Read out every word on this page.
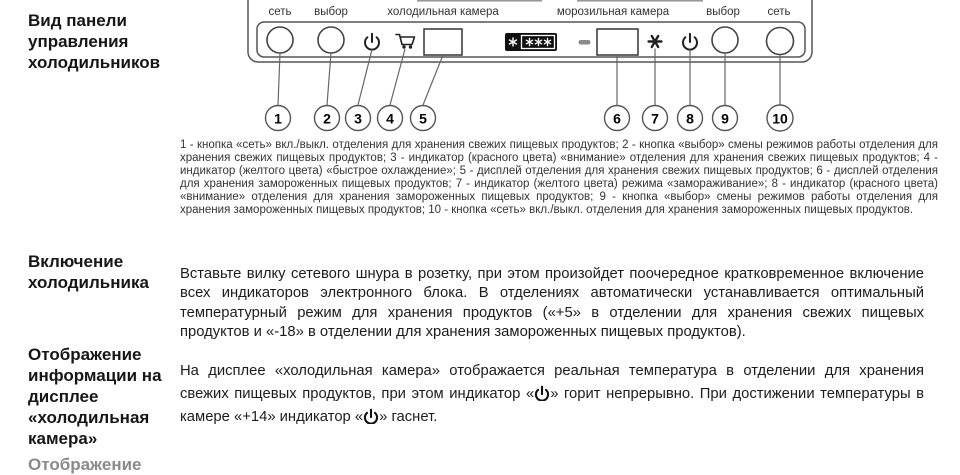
Вид панели управления холодильников
Включение холодильника
Отображение информации на дисплее «холодильная камера»
сеть выбор	холодильная камера	морозильная камера	выбор сеть
1	2 3 4 5	6 7 8 9	10
1 - кнопка «сеть» вкл./выкл. отделения для хранения свежих пищевых продуктов; 2 - кнопка «выбор» смены режимов работы отделения для хранения свежих пищевых продуктов; 3 - индикатор (красного цвета) «внимание» отделения для хранения свежих пищевых продуктов; 4 - индикатор (желтого цвета) «быстрое охлаждение»; 5 - дисплей отделения для хранения свежих пищевых продуктов; 6 - дисплей отделения для хранения замороженных пищевых продуктов; 7 - индикатор (желтого цвета) режима «замораживание»; 8 - индикатор (красного цвета) «внимание» отделения для хранения замороженных пищевых продуктов; 9 - кнопка «выбор» смены режимов работы отделения для хранения замороженных пищевых продуктов; 10 - кнопка «сеть» вкл./выкл. отделения для хранения замороженных пищевых продуктов.

Вставьте вилку сетевого шнура в розетку, при этом произойдет поочередное кратковременное включение всех индикаторов электронного блока. В отделениях автоматически устанавливается оптимальный температурный режим для хранения продуктов («+5» в отделении для хранения свежих пищевых продуктов и «-18» в отделении для хранения замороженных пищевых продуктов).

На дисплее «холодильная камера» отображается реальная температура в отделении для хранения свежих пищевых продуктов, при этом индикатор « » горит непрерывно. При достижении температуры в камере «+14» индикатор « » гаснет.

Отображение
